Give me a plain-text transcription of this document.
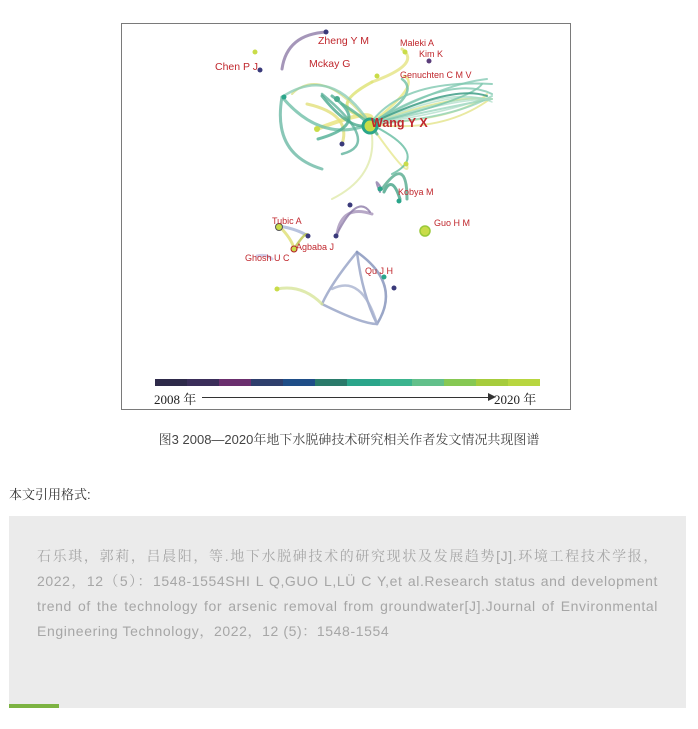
Zheng Y M	Maleki A
Kim K
Chen P J	Mckay G
Genuchten C M V
Wang Y X
Kobya M
Tubic A	Guo H M
Agbaba J
Ghosh U C
Qu J H
2008 年	2020 年
图3 2008—2020年地下水脱砷技术研究相关作者发文情况共现图谱
本文引用格式:
石乐琪，郭莉，吕晨阳，等.地下水脱砷技术的研究现状及发展趋势[J].环境工程技术学报，2022，12（5）：1548-1554SHI L Q,GUO L,LÜ C Y,et al.Research status and development trend of the technology for arsenic removal from groundwater[J].Journal of Environmental Engineering Technology，2022，12 (5)：1548-1554
